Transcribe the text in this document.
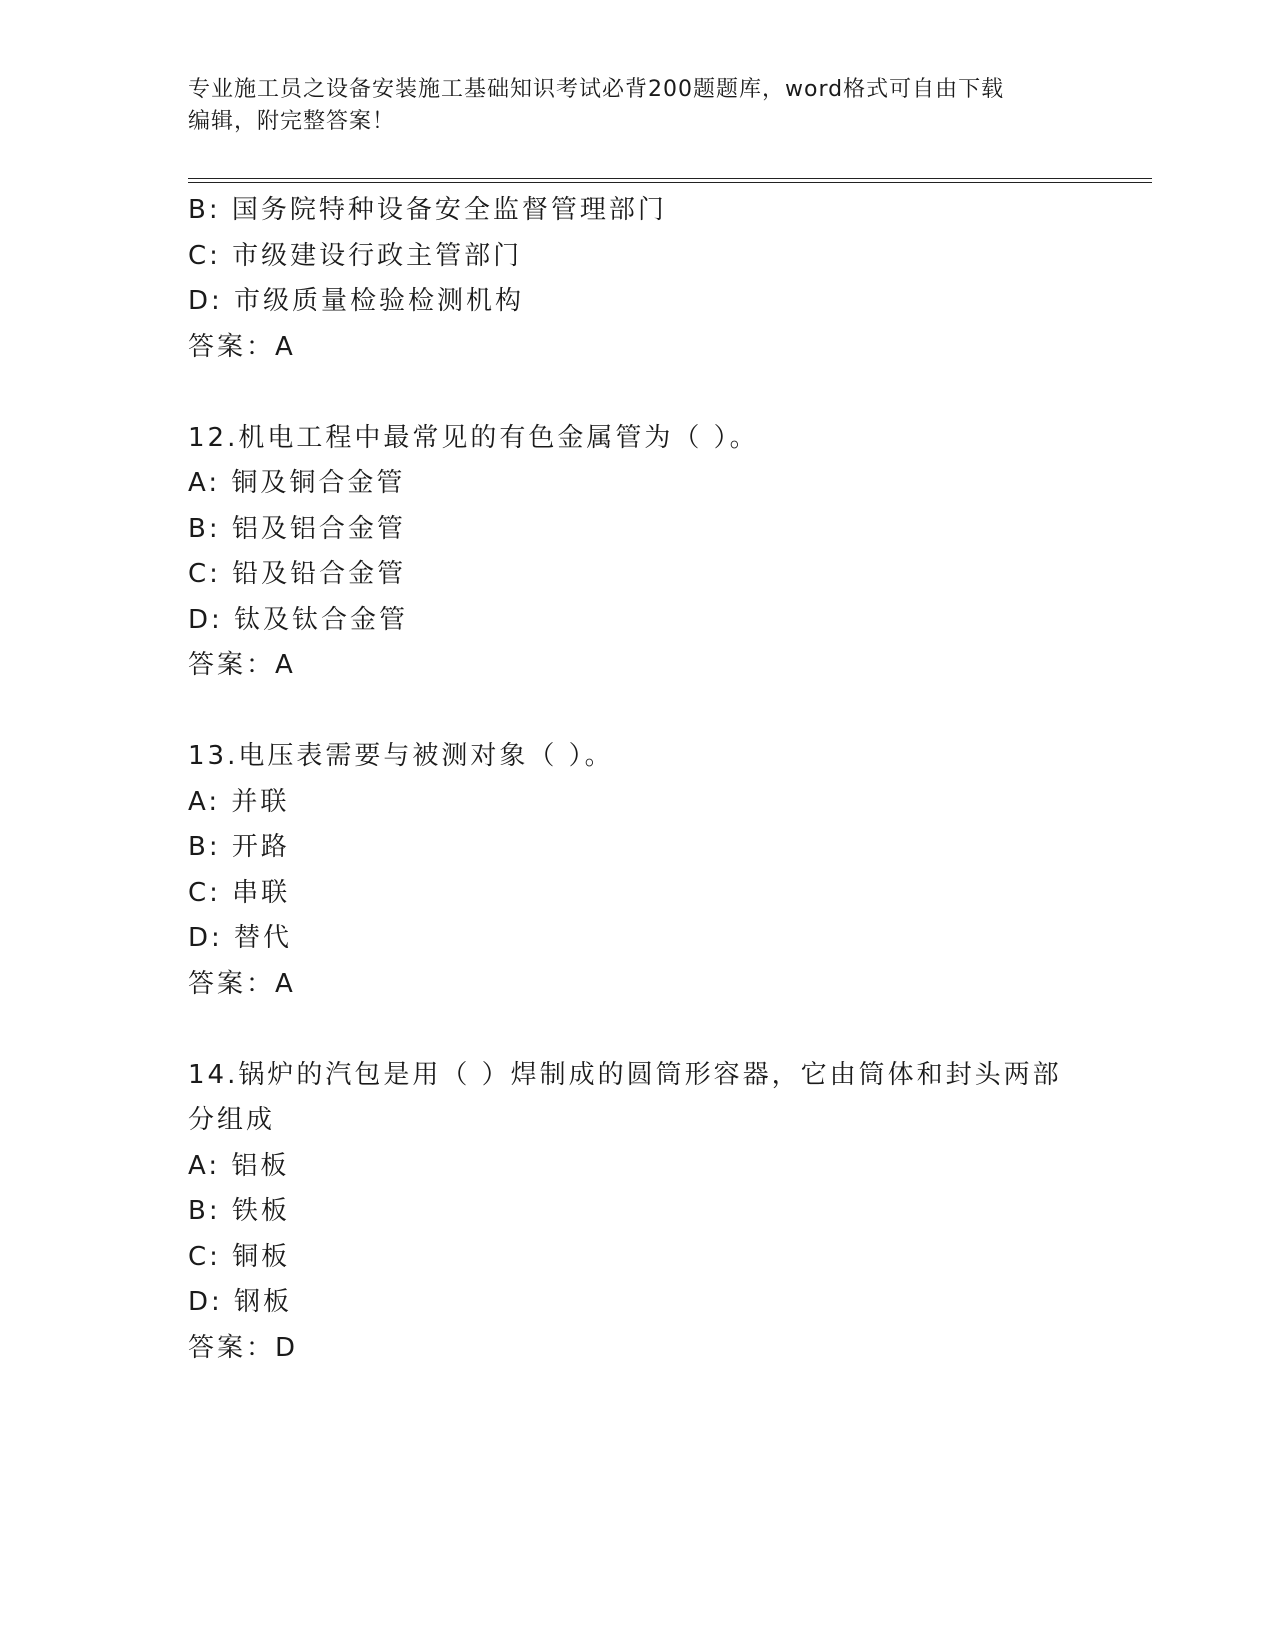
专业施工员之设备安装施工基础知识考试必背200题题库，word格式可自由下载
编辑，附完整答案！
B: 国务院特种设备安全监督管理部门
C: 市级建设行政主管部门
D: 市级质量检验检测机构
答案：A
12.机电工程中最常见的有色金属管为（ ）。
A: 铜及铜合金管
B: 铝及铝合金管
C: 铅及铅合金管
D: 钛及钛合金管
答案：A
13.电压表需要与被测对象（ ）。
A: 并联
B: 开路
C: 串联
D: 替代
答案：A
14.锅炉的汽包是用（ ）焊制成的圆筒形容器，它由筒体和封头两部
分组成
A: 铝板
B: 铁板
C: 铜板
D: 钢板
答案：D
